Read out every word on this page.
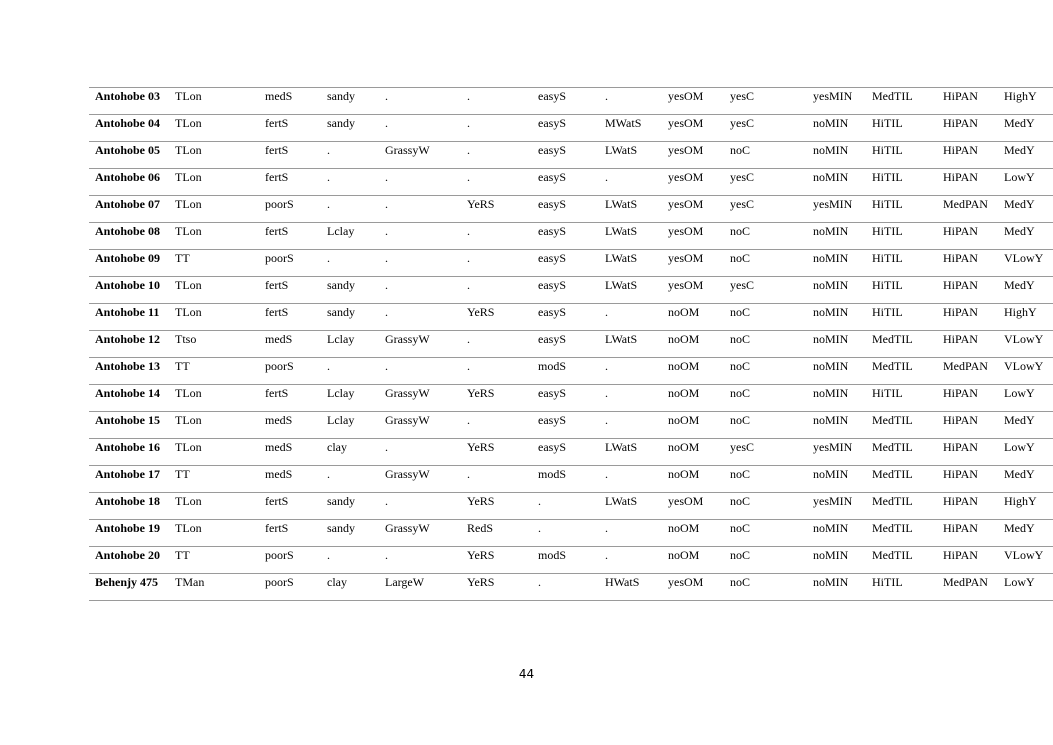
Antohobe 03	TLon	medS	sandy	.	.	easyS	.	yesOM	yesC	yesMIN	MedTIL	HiPAN	HighY
Antohobe 04	TLon	fertS	sandy	.	.	easyS	MWatS	yesOM	yesC	noMIN	HiTIL	HiPAN	MedY
Antohobe 05	TLon	fertS	.	GrassyW	.	easyS	LWatS	yesOM	noC	noMIN	HiTIL	HiPAN	MedY
Antohobe 06	TLon	fertS	.	.	.	easyS	.	yesOM	yesC	noMIN	HiTIL	HiPAN	LowY
Antohobe 07	TLon	poorS	.	.	YeRS	easyS	LWatS	yesOM	yesC	yesMIN	HiTIL	MedPAN	MedY
Antohobe 08	TLon	fertS	Lclay	.	.	easyS	LWatS	yesOM	noC	noMIN	HiTIL	HiPAN	MedY
Antohobe 09	TT	poorS	.	.	.	easyS	LWatS	yesOM	noC	noMIN	HiTIL	HiPAN	VLowY
Antohobe 10	TLon	fertS	sandy	.	.	easyS	LWatS	yesOM	yesC	noMIN	HiTIL	HiPAN	MedY
Antohobe 11	TLon	fertS	sandy	.	YeRS	easyS	.	noOM	noC	noMIN	HiTIL	HiPAN	HighY
Antohobe 12	Ttso	medS	Lclay	GrassyW	.	easyS	LWatS	noOM	noC	noMIN	MedTIL	HiPAN	VLowY
Antohobe 13	TT	poorS	.	.	.	modS	.	noOM	noC	noMIN	MedTIL	MedPAN	VLowY
Antohobe 14	TLon	fertS	Lclay	GrassyW	YeRS	easyS	.	noOM	noC	noMIN	HiTIL	HiPAN	LowY
Antohobe 15	TLon	medS	Lclay	GrassyW	.	easyS	.	noOM	noC	noMIN	MedTIL	HiPAN	MedY
Antohobe 16	TLon	medS	clay	.	YeRS	easyS	LWatS	noOM	yesC	yesMIN	MedTIL	HiPAN	LowY
Antohobe 17	TT	medS	.	GrassyW	.	modS	.	noOM	noC	noMIN	MedTIL	HiPAN	MedY
Antohobe 18	TLon	fertS	sandy	.	YeRS	.	LWatS	yesOM	noC	yesMIN	MedTIL	HiPAN	HighY
Antohobe 19	TLon	fertS	sandy	GrassyW	RedS	.	.	noOM	noC	noMIN	MedTIL	HiPAN	MedY
Antohobe 20	TT	poorS	.	.	YeRS	modS	.	noOM	noC	noMIN	MedTIL	HiPAN	VLowY
Behenjy 475	TMan	poorS	clay	LargeW	YeRS	.	HWatS	yesOM	noC	noMIN	HiTIL	MedPAN	LowY
44
